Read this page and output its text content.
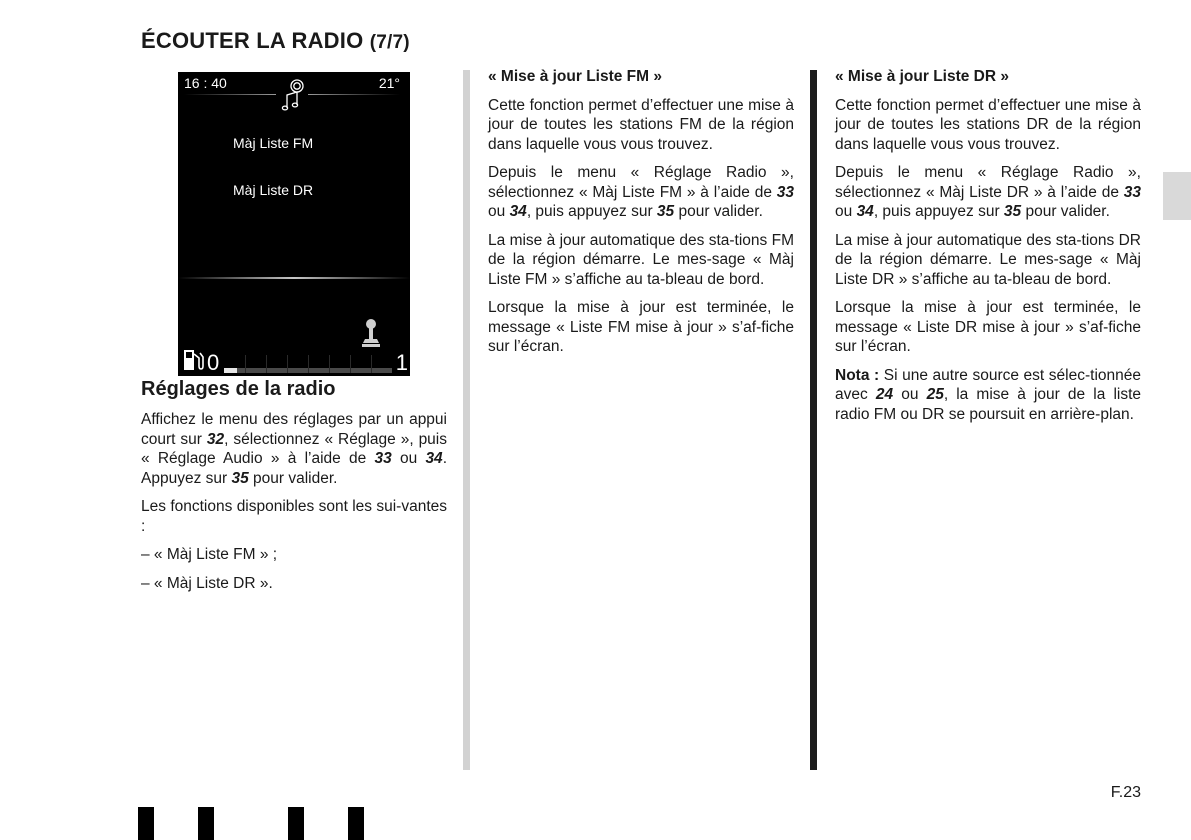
ÉCOUTER LA RADIO (7/7)
16 : 40	21°
Màj Liste FM
Màj Liste DR
0	1
Réglages de la radio

Affichez le menu des réglages par un appui court sur 32, sélectionnez « Réglage », puis « Réglage Audio » à l’aide de 33 ou 34. Appuyez sur 35 pour valider.

Les fonctions disponibles sont les sui-vantes :

– « Màj Liste FM » ;

– « Màj Liste DR ».

« Mise à jour Liste FM »

Cette fonction permet d’effectuer une mise à jour de toutes les stations FM de la région dans laquelle vous vous trouvez.

Depuis le menu « Réglage Radio », sélectionnez « Màj Liste FM » à l’aide de 33 ou 34, puis appuyez sur 35 pour valider.

La mise à jour automatique des sta-tions FM de la région démarre. Le mes-sage « Màj Liste FM » s’affiche au ta-bleau de bord.

Lorsque la mise à jour est terminée, le message « Liste FM mise à jour » s’af-fiche sur l’écran.

« Mise à jour Liste DR »

Cette fonction permet d’effectuer une mise à jour de toutes les stations DR de la région dans laquelle vous vous trouvez.

Depuis le menu « Réglage Radio », sélectionnez « Màj Liste DR » à l’aide de 33 ou 34, puis appuyez sur 35 pour valider.

La mise à jour automatique des sta-tions DR de la région démarre. Le mes-sage « Màj Liste DR » s’affiche au ta-bleau de bord.

Lorsque la mise à jour est terminée, le message « Liste DR mise à jour » s’af-fiche sur l’écran.

Nota : Si une autre source est sélec-tionnée avec 24 ou 25, la mise à jour de la liste radio FM ou DR se poursuit en arrière-plan.

F.23
